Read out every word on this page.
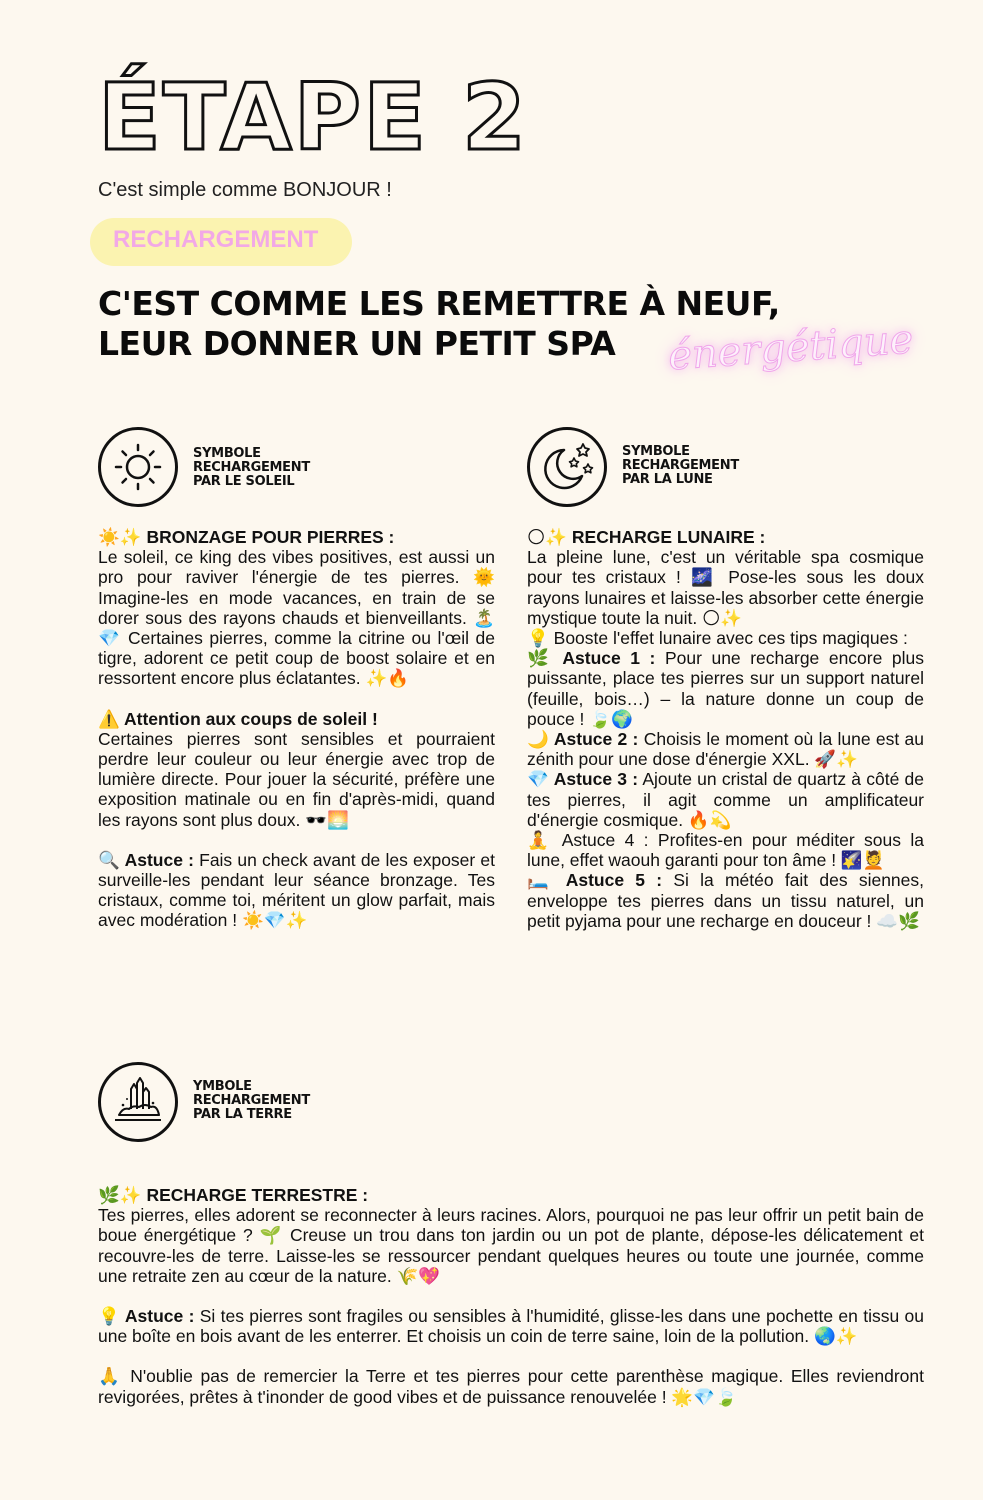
ÉTAPE 2
C'est simple comme BONJOUR !
RECHARGEMENT
C'EST COMME LES REMETTRE À NEUF,
LEUR DONNER UN PETIT SPA	énergétique
SYMBOLE
RECHARGEMENT
PAR LE SOLEIL
SYMBOLE
RECHARGEMENT
PAR LA LUNE

☀️✨ BRONZAGE POUR PIERRES :

Le soleil, ce king des vibes positives, est aussi un pro pour raviver l'énergie de tes pierres. 🌞 Imagine-les en mode vacances, en train de se dorer sous des rayons chauds et bienveillants. 🏝️💎 Certaines pierres, comme la citrine ou l'œil de tigre, adorent ce petit coup de boost solaire et en ressortent encore plus éclatantes. ✨🔥

⚠️ Attention aux coups de soleil !

Certaines pierres sont sensibles et pourraient perdre leur couleur ou leur énergie avec trop de lumière directe. Pour jouer la sécurité, préfère une exposition matinale ou en fin d'après-midi, quand les rayons sont plus doux. 🕶️🌅

🔍 Astuce : Fais un check avant de les exposer et surveille-les pendant leur séance bronzage. Tes cristaux, comme toi, méritent un glow parfait, mais avec modération ! ☀️💎✨

🌕✨ RECHARGE LUNAIRE :

La pleine lune, c'est un véritable spa cosmique pour tes cristaux ! 🌌 Pose-les sous les doux rayons lunaires et laisse-les absorber cette énergie mystique toute la nuit. 🌕✨

💡 Booste l'effet lunaire avec ces tips magiques :

🌿 Astuce 1 : Pour une recharge encore plus puissante, place tes pierres sur un support naturel (feuille, bois…) – la nature donne un coup de pouce ! 🍃🌍

🌙 Astuce 2 : Choisis le moment où la lune est au zénith pour une dose d'énergie XXL. 🚀✨

💎 Astuce 3 : Ajoute un cristal de quartz à côté de tes pierres, il agit comme un amplificateur d'énergie cosmique. 🔥💫

🧘 Astuce 4 : Profites-en pour méditer sous la lune, effet waouh garanti pour ton âme ! 🌠💆

🛏️ Astuce 5 : Si la météo fait des siennes, enveloppe tes pierres dans un tissu naturel, un petit pyjama pour une recharge en douceur ! ☁️🌿

YMBOLE
RECHARGEMENT
PAR LA TERRE

🌿✨ RECHARGE TERRESTRE :

Tes pierres, elles adorent se reconnecter à leurs racines. Alors, pourquoi ne pas leur offrir un petit bain de boue énergétique ? 🌱 Creuse un trou dans ton jardin ou un pot de plante, dépose-les délicatement et recouvre-les de terre. Laisse-les se ressourcer pendant quelques heures ou toute une journée, comme une retraite zen au cœur de la nature. 🌾💖

💡 Astuce : Si tes pierres sont fragiles ou sensibles à l'humidité, glisse-les dans une pochette en tissu ou une boîte en bois avant de les enterrer. Et choisis un coin de terre saine, loin de la pollution. 🌏✨

🙏 N'oublie pas de remercier la Terre et tes pierres pour cette parenthèse magique. Elles reviendront revigorées, prêtes à t'inonder de good vibes et de puissance renouvelée ! 🌟💎🍃
